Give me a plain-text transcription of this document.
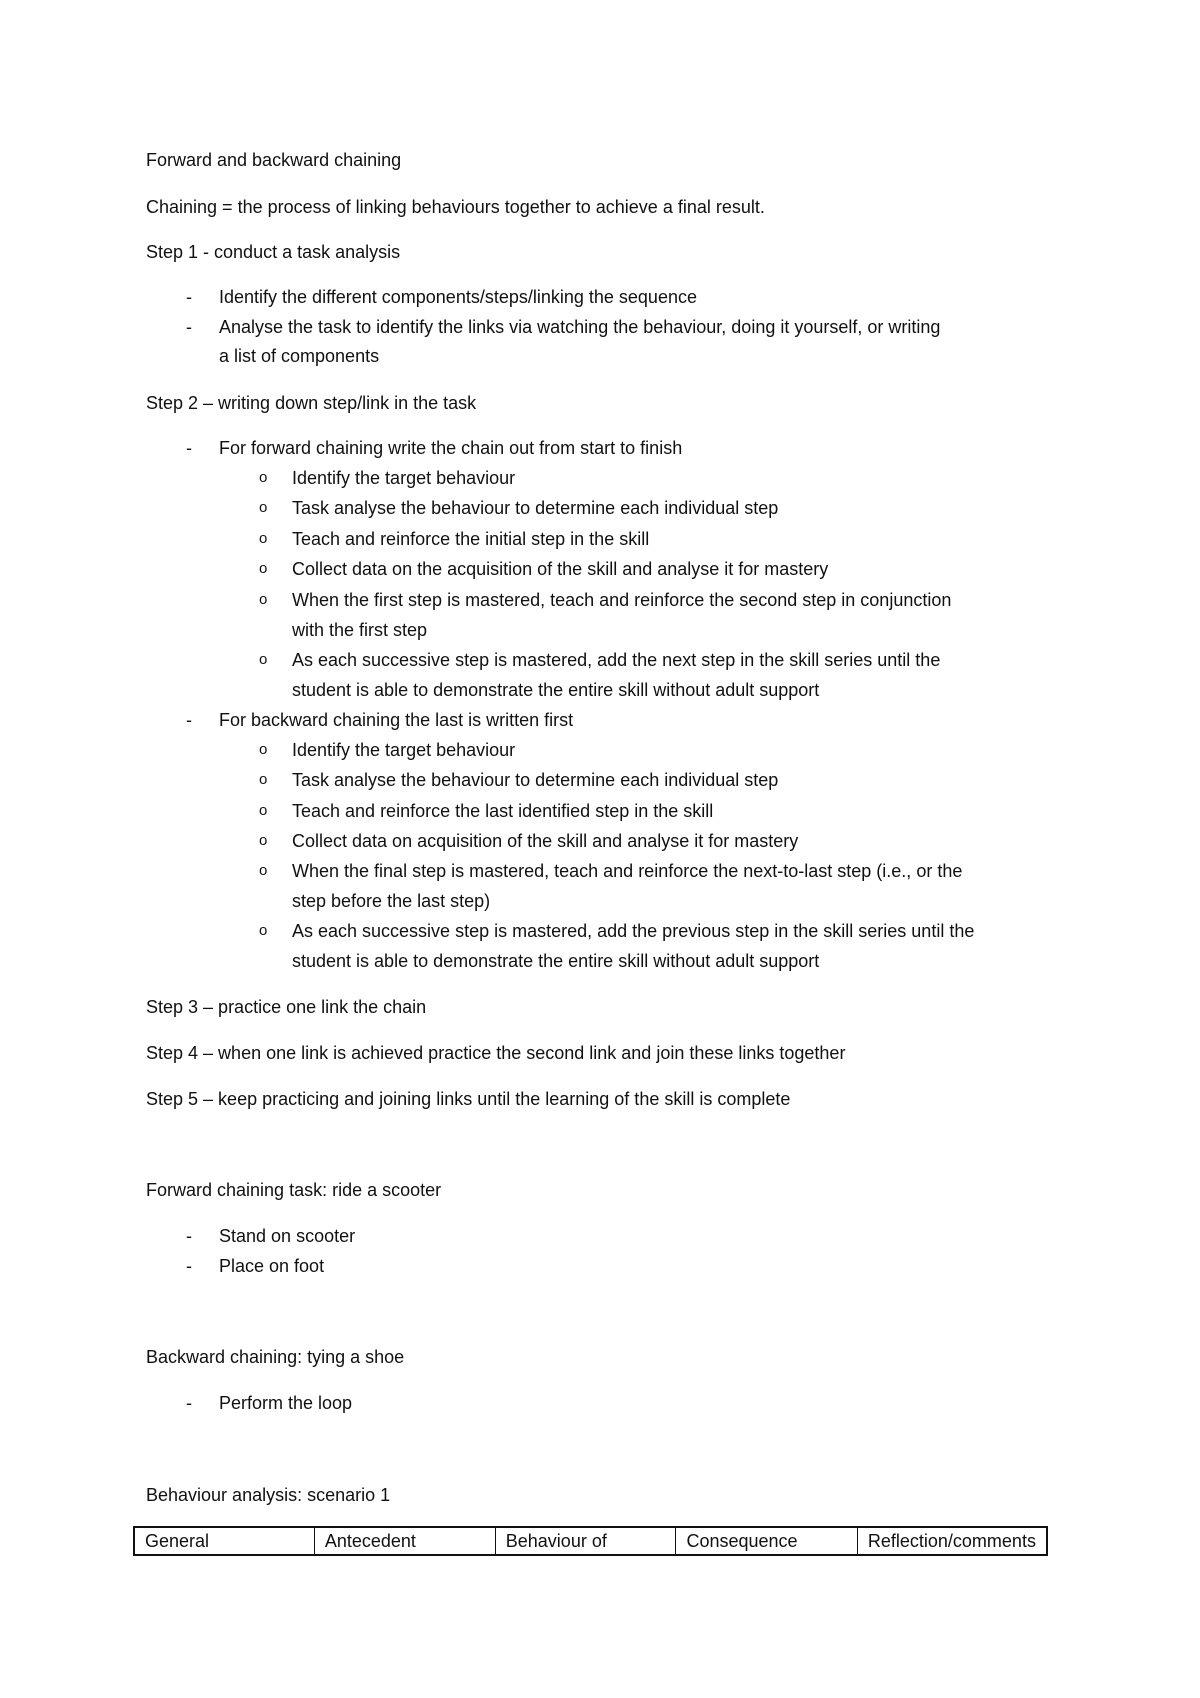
Forward and backward chaining
Chaining = the process of linking behaviours together to achieve a final result.
Step 1 - conduct a task analysis
- Identify the different components/steps/linking the sequence
- Analyse the task to identify the links via watching the behaviour, doing it yourself, or writing
a list of components
Step 2 – writing down step/link in the task
- For forward chaining write the chain out from start to finish
o Identify the target behaviour
o Task analyse the behaviour to determine each individual step
o Teach and reinforce the initial step in the skill
o Collect data on the acquisition of the skill and analyse it for mastery
o When the first step is mastered, teach and reinforce the second step in conjunction
with the first step
o As each successive step is mastered, add the next step in the skill series until the
student is able to demonstrate the entire skill without adult support
- For backward chaining the last is written first
o Identify the target behaviour
o Task analyse the behaviour to determine each individual step
o Teach and reinforce the last identified step in the skill
o Collect data on acquisition of the skill and analyse it for mastery
o When the final step is mastered, teach and reinforce the next-to-last step (i.e., or the
step before the last step)
o As each successive step is mastered, add the previous step in the skill series until the
student is able to demonstrate the entire skill without adult support
Step 3 – practice one link the chain
Step 4 – when one link is achieved practice the second link and join these links together
Step 5 – keep practicing and joining links until the learning of the skill is complete
Forward chaining task: ride a scooter
- Stand on scooter
- Place on foot
Backward chaining: tying a shoe
- Perform the loop
Behaviour analysis: scenario 1
General	Antecedent	Behaviour of	Consequence	Reflection/comments
